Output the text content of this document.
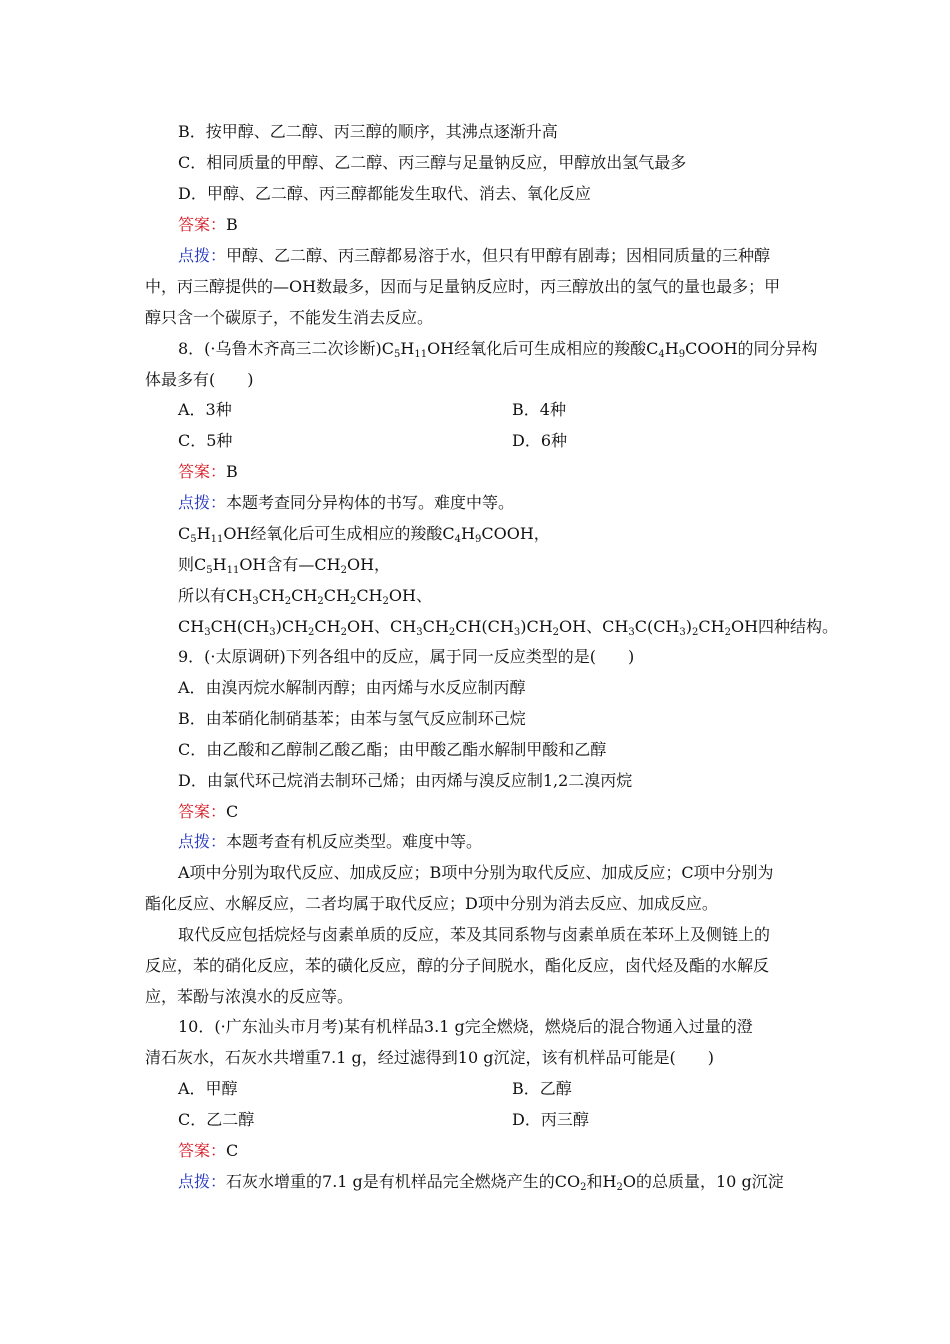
B．按甲醇、乙二醇、丙三醇的顺序，其沸点逐渐升高
C．相同质量的甲醇、乙二醇、丙三醇与足量钠反应，甲醇放出氢气最多
D．甲醇、乙二醇、丙三醇都能发生取代、消去、氧化反应
答案：B
点拨：甲醇、乙二醇、丙三醇都易溶于水，但只有甲醇有剧毒；因相同质量的三种醇
中，丙三醇提供的—OH数最多，因而与足量钠反应时，丙三醇放出的氢气的量也最多；甲
醇只含一个碳原子，不能发生消去反应。
8．(·乌鲁木齐高三二次诊断)$C_5H_{11}OH$经氧化后可生成相应的羧酸$C_4H_9COOH$的同分异构
体最多有(　　)
A．3种	B．4种
C．5种	D．6种
答案：B
点拨：本题考查同分异构体的书写。难度中等。
$C_5H_{11}OH$经氧化后可生成相应的羧酸$C_4H_9COOH$，
则$C_5H_{11}OH$含有$—CH_2OH$，
所以有$CH_3CH_2CH_2CH_2CH_2OH$、
$CH_3CH(CH_3)CH_2CH_2OH$、$CH_3CH_2CH(CH_3)CH_2OH$、$CH_3C(CH_3)_2CH_2OH$四种结构。
9．(·太原调研)下列各组中的反应，属于同一反应类型的是(　　)
A．由溴丙烷水解制丙醇；由丙烯与水反应制丙醇
B．由苯硝化制硝基苯；由苯与氢气反应制环己烷
C．由乙酸和乙醇制乙酸乙酯；由甲酸乙酯水解制甲酸和乙醇
D．由氯代环己烷消去制环己烯；由丙烯与溴反应制1,2二溴丙烷
答案：C
点拨：本题考查有机反应类型。难度中等。
A项中分别为取代反应、加成反应；B项中分别为取代反应、加成反应；C项中分别为
酯化反应、水解反应，二者均属于取代反应；D项中分别为消去反应、加成反应。
取代反应包括烷烃与卤素单质的反应，苯及其同系物与卤素单质在苯环上及侧链上的
反应，苯的硝化反应，苯的磺化反应，醇的分子间脱水，酯化反应，卤代烃及酯的水解反
应，苯酚与浓溴水的反应等。
10．(·广东汕头市月考)某有机样品3.1 g完全燃烧，燃烧后的混合物通入过量的澄
清石灰水，石灰水共增重7.1 g，经过滤得到10 g沉淀，该有机样品可能是(　　)
A．甲醇	B．乙醇
C．乙二醇	D．丙三醇
答案：C
点拨：石灰水增重的7.1 g是有机样品完全燃烧产生的$CO_2$和$H_2O$的总质量，10 g沉淀
